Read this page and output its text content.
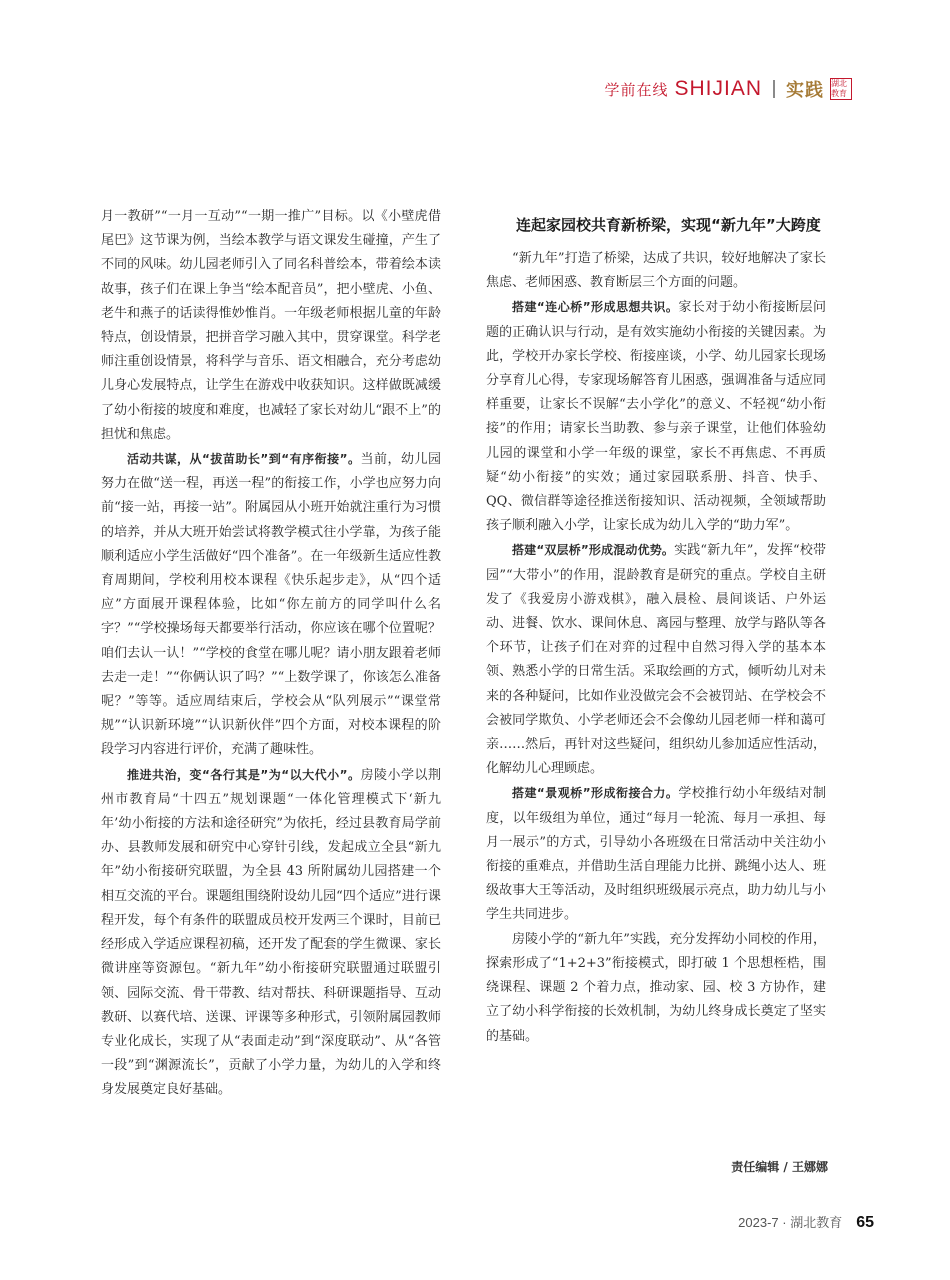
学前在线 SHIJIAN 实践 湖北教育

月一教研”“一月一互动”“一期一推广”目标。以《小壁虎借尾巴》这节课为例，当绘本教学与语文课发生碰撞，产生了不同的风味。幼儿园老师引入了同名科普绘本，带着绘本读故事，孩子们在课上争当“绘本配音员”，把小壁虎、小鱼、老牛和燕子的话读得惟妙惟肖。一年级老师根据儿童的年龄特点，创设情景，把拼音学习融入其中，贯穿课堂。科学老师注重创设情景，将科学与音乐、语文相融合，充分考虑幼儿身心发展特点，让学生在游戏中收获知识。这样做既减缓了幼小衔接的坡度和难度，也减轻了家长对幼儿“跟不上”的担忧和焦虑。

活动共谋，从“拔苗助长”到“有序衔接”。当前，幼儿园努力在做“送一程，再送一程”的衔接工作，小学也应努力向前“接一站，再接一站”。附属园从小班开始就注重行为习惯的培养，并从大班开始尝试将教学模式往小学靠，为孩子能顺利适应小学生活做好“四个准备”。在一年级新生适应性教育周期间，学校利用校本课程《快乐起步走》，从“四个适应”方面展开课程体验，比如“你左前方的同学叫什么名字？”“学校操场每天都要举行活动，你应该在哪个位置呢？咱们去认一认！”“学校的食堂在哪儿呢？请小朋友跟着老师去走一走！”“你俩认识了吗？”“上数学课了，你该怎么准备呢？”等等。适应周结束后，学校会从“队列展示”“课堂常规”“认识新环境”“认识新伙伴”四个方面，对校本课程的阶段学习内容进行评价，充满了趣味性。

推进共治，变“各行其是”为“以大代小”。房陵小学以荆州市教育局“十四五”规划课题“一体化管理模式下‘新九年’幼小衔接的方法和途径研究”为依托，经过县教育局学前办、县教师发展和研究中心穿针引线，发起成立全县“新九年”幼小衔接研究联盟，为全县 43 所附属幼儿园搭建一个相互交流的平台。课题组围绕附设幼儿园“四个适应”进行课程开发，每个有条件的联盟成员校开发两三个课时，目前已经形成入学适应课程初稿，还开发了配套的学生微课、家长微讲座等资源包。“新九年”幼小衔接研究联盟通过联盟引领、园际交流、骨干带教、结对帮扶、科研课题指导、互动教研、以赛代培、送课、评课等多种形式，引领附属园教师专业化成长，实现了从“表面走动”到“深度联动”、从“各管一段”到“渊源流长”，贡献了小学力量，为幼儿的入学和终身发展奠定良好基础。

连起家园校共育新桥梁，实现“新九年”大跨度

“新九年”打造了桥梁，达成了共识，较好地解决了家长焦虑、老师困惑、教育断层三个方面的问题。

搭建“连心桥”形成思想共识。家长对于幼小衔接断层问题的正确认识与行动，是有效实施幼小衔接的关键因素。为此，学校开办家长学校、衔接座谈，小学、幼儿园家长现场分享育儿心得，专家现场解答育儿困惑，强调准备与适应同样重要，让家长不误解“去小学化”的意义、不轻视“幼小衔接”的作用；请家长当助教、参与亲子课堂，让他们体验幼儿园的课堂和小学一年级的课堂，家长不再焦虑、不再质疑“幼小衔接”的实效；通过家园联系册、抖音、快手、QQ、微信群等途径推送衔接知识、活动视频，全领域帮助孩子顺利融入小学，让家长成为幼儿入学的“助力军”。

搭建“双层桥”形成混动优势。实践“新九年”，发挥“校带园”“大带小”的作用，混龄教育是研究的重点。学校自主研发了《我爱房小游戏棋》，融入晨检、晨间谈话、户外运动、进餐、饮水、课间休息、离园与整理、放学与路队等各个环节，让孩子们在对弈的过程中自然习得入学的基本本领、熟悉小学的日常生活。采取绘画的方式，倾听幼儿对未来的各种疑问，比如作业没做完会不会被罚站、在学校会不会被同学欺负、小学老师还会不会像幼儿园老师一样和蔼可亲……然后，再针对这些疑问，组织幼儿参加适应性活动，化解幼儿心理顾虑。

搭建“景观桥”形成衔接合力。学校推行幼小年级结对制度，以年级组为单位，通过“每月一轮流、每月一承担、每月一展示”的方式，引导幼小各班级在日常活动中关注幼小衔接的重难点，并借助生活自理能力比拼、跳绳小达人、班级故事大王等活动，及时组织班级展示亮点，助力幼儿与小学生共同进步。

房陵小学的“新九年”实践，充分发挥幼小同校的作用，探索形成了“1+2+3”衔接模式，即打破 1 个思想桎梏，围绕课程、课题 2 个着力点，推动家、园、校 3 方协作，建立了幼小科学衔接的长效机制，为幼儿终身成长奠定了坚实的基础。

责任编辑 / 王娜娜
2023-7 · 湖北教育 65
